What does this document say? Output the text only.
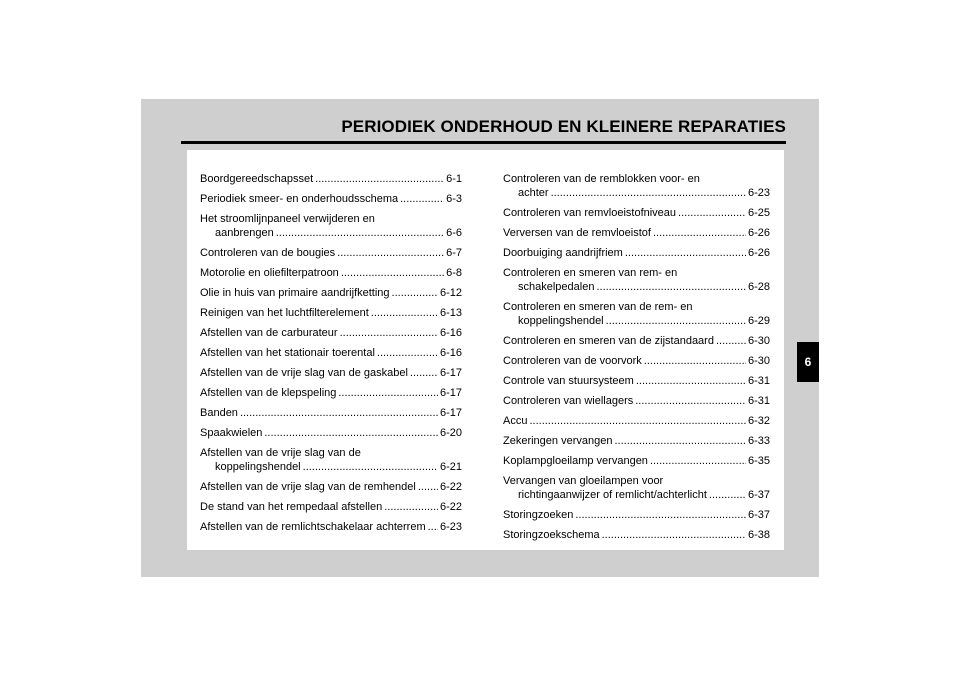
PERIODIEK ONDERHOUD EN KLEINERE REPARATIES
Boordgereedschapsset .....	6-1
Periodiek smeer- en onderhoudsschema .....	6-3
Het stroomlijnpaneel verwijderen en
aanbrengen .....	6-6
Controleren van de bougies .....	6-7
Motorolie en oliefilterpatroon .....	6-8
Olie in huis van primaire aandrijfketting .....	6-12
Reinigen van het luchtfilterelement .....	6-13
Afstellen van de carburateur .....	6-16
Afstellen van het stationair toerental .....	6-16
Afstellen van de vrije slag van de gaskabel .....	6-17
Afstellen van de klepspeling .....	6-17
Banden .....	6-17
Spaakwielen .....	6-20
Afstellen van de vrije slag van de
koppelingshendel .....	6-21
Afstellen van de vrije slag van de remhendel ..... 6-22
De stand van het rempedaal afstellen .....	6-22
Afstellen van de remlichtschakelaar achterrem ..... 6-23
Controleren van de remblokken voor- en
achter .....	6-23
Controleren van remvloeistofniveau .....	6-25
Verversen van de remvloeistof .....	6-26
Doorbuiging aandrijfriem .....	6-26
Controleren en smeren van rem- en
schakelpedalen .....	6-28
Controleren en smeren van de rem- en
koppelingshendel .....	6-29
Controleren en smeren van de zijstandaard .....	6-30
Controleren van de voorvork .....	6-30
Controle van stuursysteem .....	6-31
Controleren van wiellagers .....	6-31
Accu .....	6-32
Zekeringen vervangen .....	6-33
Koplampgloeilamp vervangen .....	6-35
Vervangen van gloeilampen voor
richtingaanwijzer of remlicht/achterlicht .....	6-37
Storingzoeken .....	6-37
Storingzoekschema .....	6-38
6
